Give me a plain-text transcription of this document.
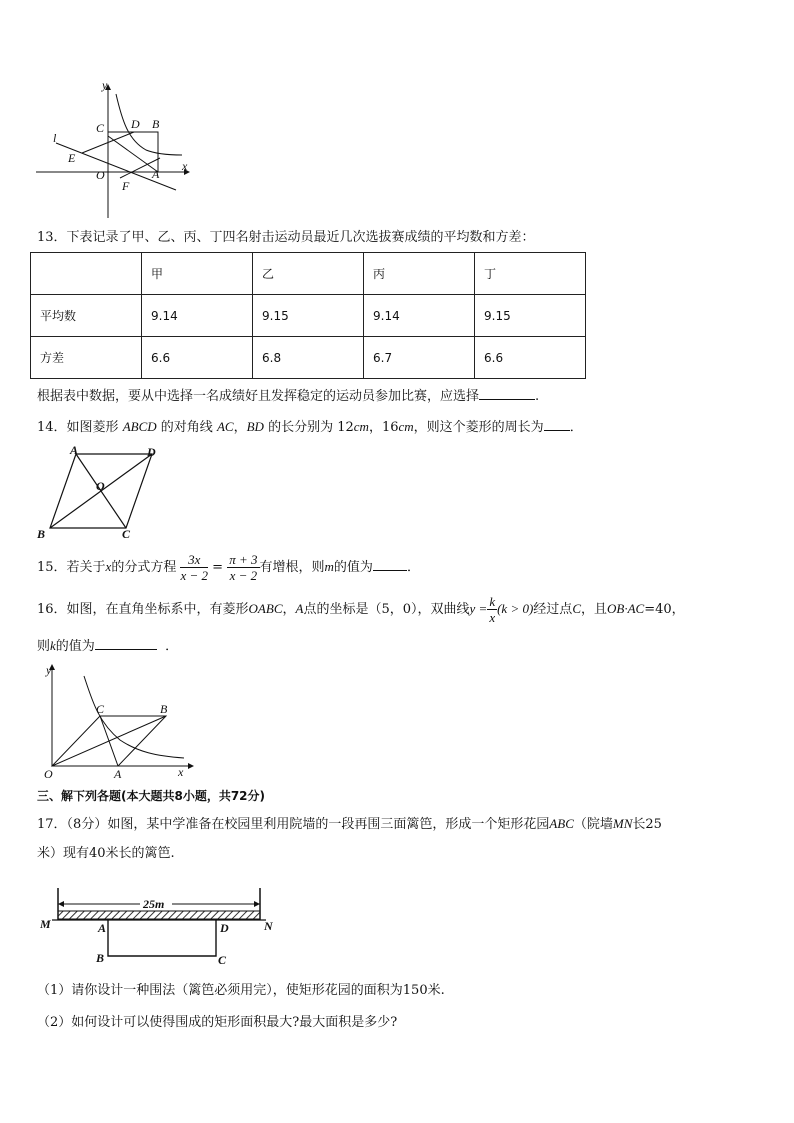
y
x
l
C D B
E
O	A
F
13．下表记录了甲、乙、丙、丁四名射击运动员最近几次选拔赛成绩的平均数和方差：
	甲	乙	丙	丁
平均数	9.14	9.15	9.14	9.15
方差	6.6	6.8	6.7	6.6
根据表中数据，要从中选择一名成绩好且发挥稳定的运动员参加比赛，应选择	.
14．如图菱形 ABCD 的对角线 AC，BD 的长分别为 12cm，16cm，则这个菱形的周长为 ．
A	D
O
B	C
15．若关于x的分式方程 $\frac{3x}{x - 2} = \frac{\pi + 3}{x - 2}$ 有增根，则m的值为	．
16．如图，在直角坐标系中，有菱形OABC，A点的坐标是（5，0），双曲线$y = \frac{k}{x} (k > 0)$经过点C，且OB·AC=40，
则k的值为	．
y
x
C	B
O	A
三、解下列各题(本大题共8小题，共72分)
17．（8分）如图，某中学准备在校园里利用院墙的一段再围三面篱笆，形成一个矩形花园ABC（院墙MN长25
米）现有40米长的篱笆.
25m
M	N
A	D
B	C
（1）请你设计一种围法（篱笆必须用完），使矩形花园的面积为150米.
（2）如何设计可以使得围成的矩形面积最大?最大面积是多少?
